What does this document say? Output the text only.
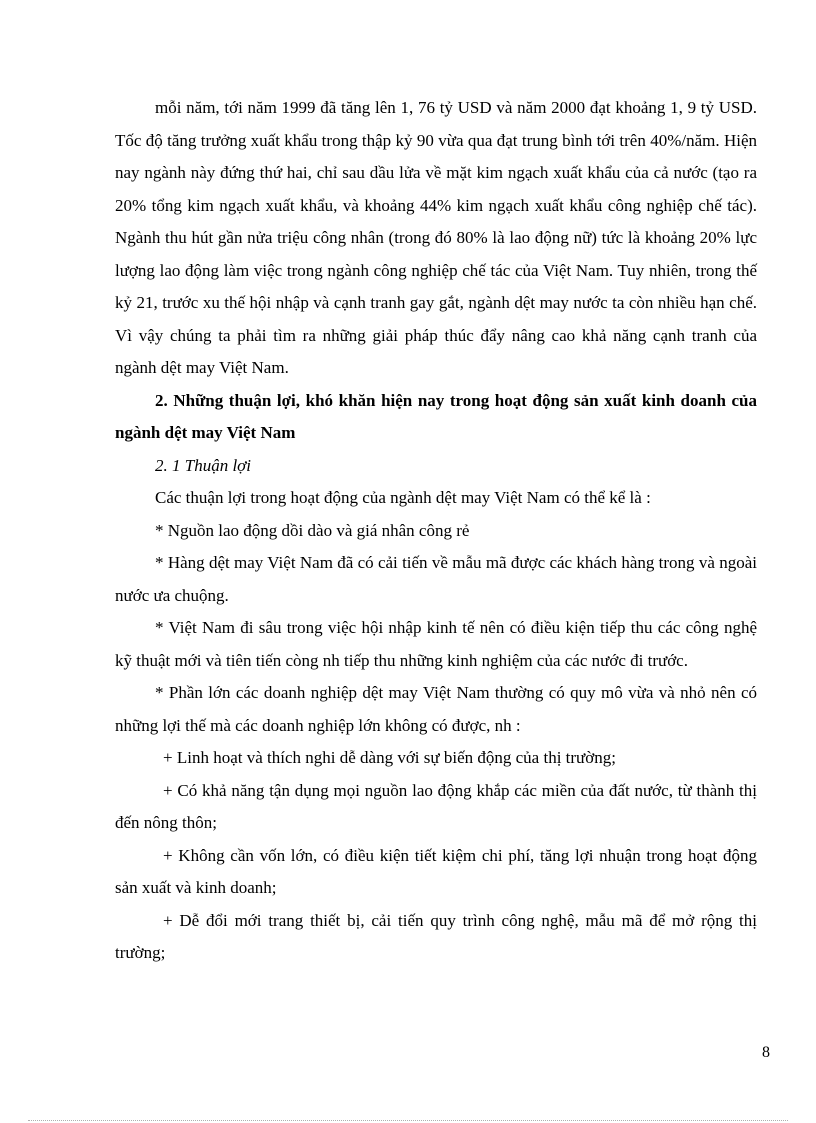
mỗi năm, tới năm 1999 đã tăng lên 1, 76 tỷ USD và năm 2000 đạt khoảng 1, 9 tỷ USD. Tốc độ tăng trưởng xuất khẩu trong thập kỷ 90 vừa qua đạt trung bình tới trên 40%/năm. Hiện nay ngành này đứng thứ hai, chỉ sau dầu lửa về mặt kim ngạch xuất khẩu của cả nước (tạo ra 20% tổng kim ngạch xuất khẩu, và khoảng 44% kim ngạch xuất khẩu công nghiệp chế tác). Ngành thu hút gần nửa triệu công nhân (trong đó 80% là lao động nữ) tức là khoảng 20% lực lượng lao động làm việc trong ngành công nghiệp chế tác của Việt Nam. Tuy nhiên, trong thế kỷ 21, trước xu thế hội nhập và cạnh tranh gay gắt, ngành dệt may nước ta còn nhiều hạn chế. Vì vậy chúng ta phải tìm ra những giải pháp thúc đẩy nâng cao khả năng cạnh tranh của ngành dệt may Việt Nam.

2. Những thuận lợi, khó khăn hiện nay trong hoạt động sản xuất kinh doanh của ngành dệt may Việt Nam

2. 1 Thuận lợi

Các thuận lợi trong hoạt động của ngành dệt may Việt Nam có thể kể là :

* Nguồn lao động dồi dào và giá nhân công rẻ

* Hàng dệt may Việt Nam đã có cải tiến về mẫu mã được các khách hàng trong và ngoài nước ưa chuộng.

* Việt Nam đi sâu trong việc hội nhập kinh tế nên có điều kiện tiếp thu các công nghệ kỹ thuật mới và tiên tiến còng nh tiếp thu những kinh nghiệm của các nước đi trước.

* Phần lớn các doanh nghiệp dệt may Việt Nam thường có quy mô vừa và nhỏ nên có những lợi thế mà các doanh nghiệp lớn không có được, nh :

+ Linh hoạt và thích nghi dễ dàng với sự biến động của thị trường;

+ Có khả năng tận dụng mọi nguồn lao động khắp các miền của đất nước, từ thành thị đến nông thôn;

+ Không cần vốn lớn, có điều kiện tiết kiệm chi phí, tăng lợi nhuận trong hoạt động sản xuất và kinh doanh;

+ Dễ đổi mới trang thiết bị, cải tiến quy trình công nghệ, mẫu mã để mở rộng thị trường;

8
